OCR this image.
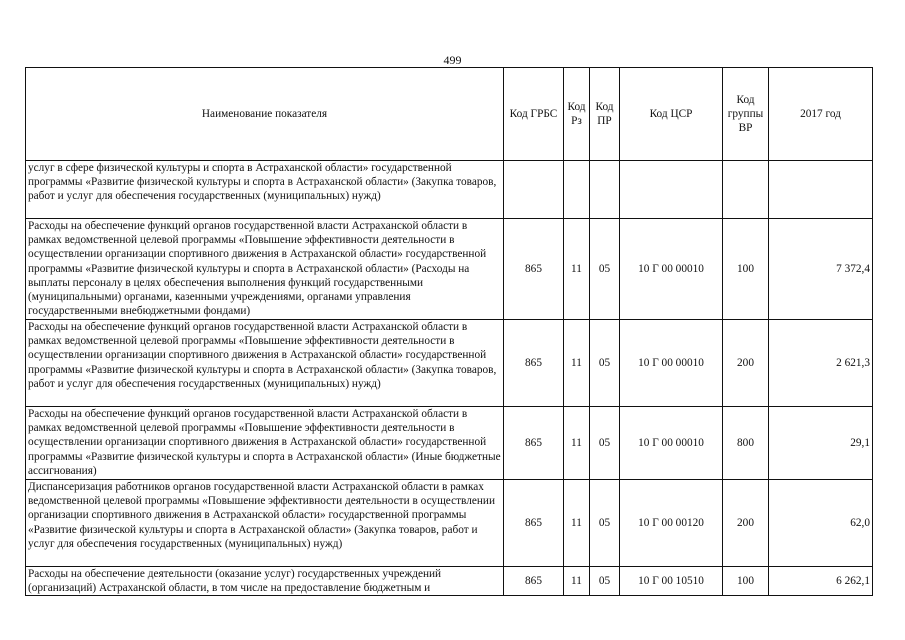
499
Наименование показателя	Код ГРБС	Код Рз	Код ПР	Код ЦСР	Код группы ВР	2017 год
услуг в сфере физической культуры и спорта в Астраханской области» государственной программы «Развитие физической культуры и спорта в Астраханской области» (Закупка товаров, работ и услуг для обеспечения государственных (муниципальных) нужд)						
Расходы на обеспечение функций органов государственной власти Астраханской области в рамках ведомственной целевой программы «Повышение эффективности деятельности в осуществлении организации спортивного движения в Астраханской области» государственной программы «Развитие физической культуры и спорта в Астраханской области» (Расходы на выплаты персоналу в целях обеспечения выполнения функций государственными (муниципальными) органами, казенными учреждениями, органами управления государственными внебюджетными фондами)	865	11	05	10 Г 00 00010	100	7 372,4
Расходы на обеспечение функций органов государственной власти Астраханской области в рамках ведомственной целевой программы «Повышение эффективности деятельности в осуществлении организации спортивного движения в Астраханской области» государственной программы «Развитие физической культуры и спорта в Астраханской области» (Закупка товаров, работ и услуг для обеспечения государственных (муниципальных) нужд)	865	11	05	10 Г 00 00010	200	2 621,3
Расходы на обеспечение функций органов государственной власти Астраханской области в рамках ведомственной целевой программы «Повышение эффективности деятельности в осуществлении организации спортивного движения в Астраханской области» государственной программы «Развитие физической культуры и спорта в Астраханской области» (Иные бюджетные ассигнования)	865	11	05	10 Г 00 00010	800	29,1
Диспансеризация работников органов государственной власти Астраханской области в рамках ведомственной целевой программы «Повышение эффективности деятельности в осуществлении организации спортивного движения в Астраханской области» государственной программы «Развитие физической культуры и спорта в Астраханской области» (Закупка товаров, работ и услуг для обеспечения государственных (муниципальных) нужд)	865	11	05	10 Г 00 00120	200	62,0
Расходы на обеспечение деятельности (оказание услуг) государственных учреждений (организаций) Астраханской области, в том числе на предоставление бюджетным и	865	11	05	10 Г 00 10510	100	6 262,1
